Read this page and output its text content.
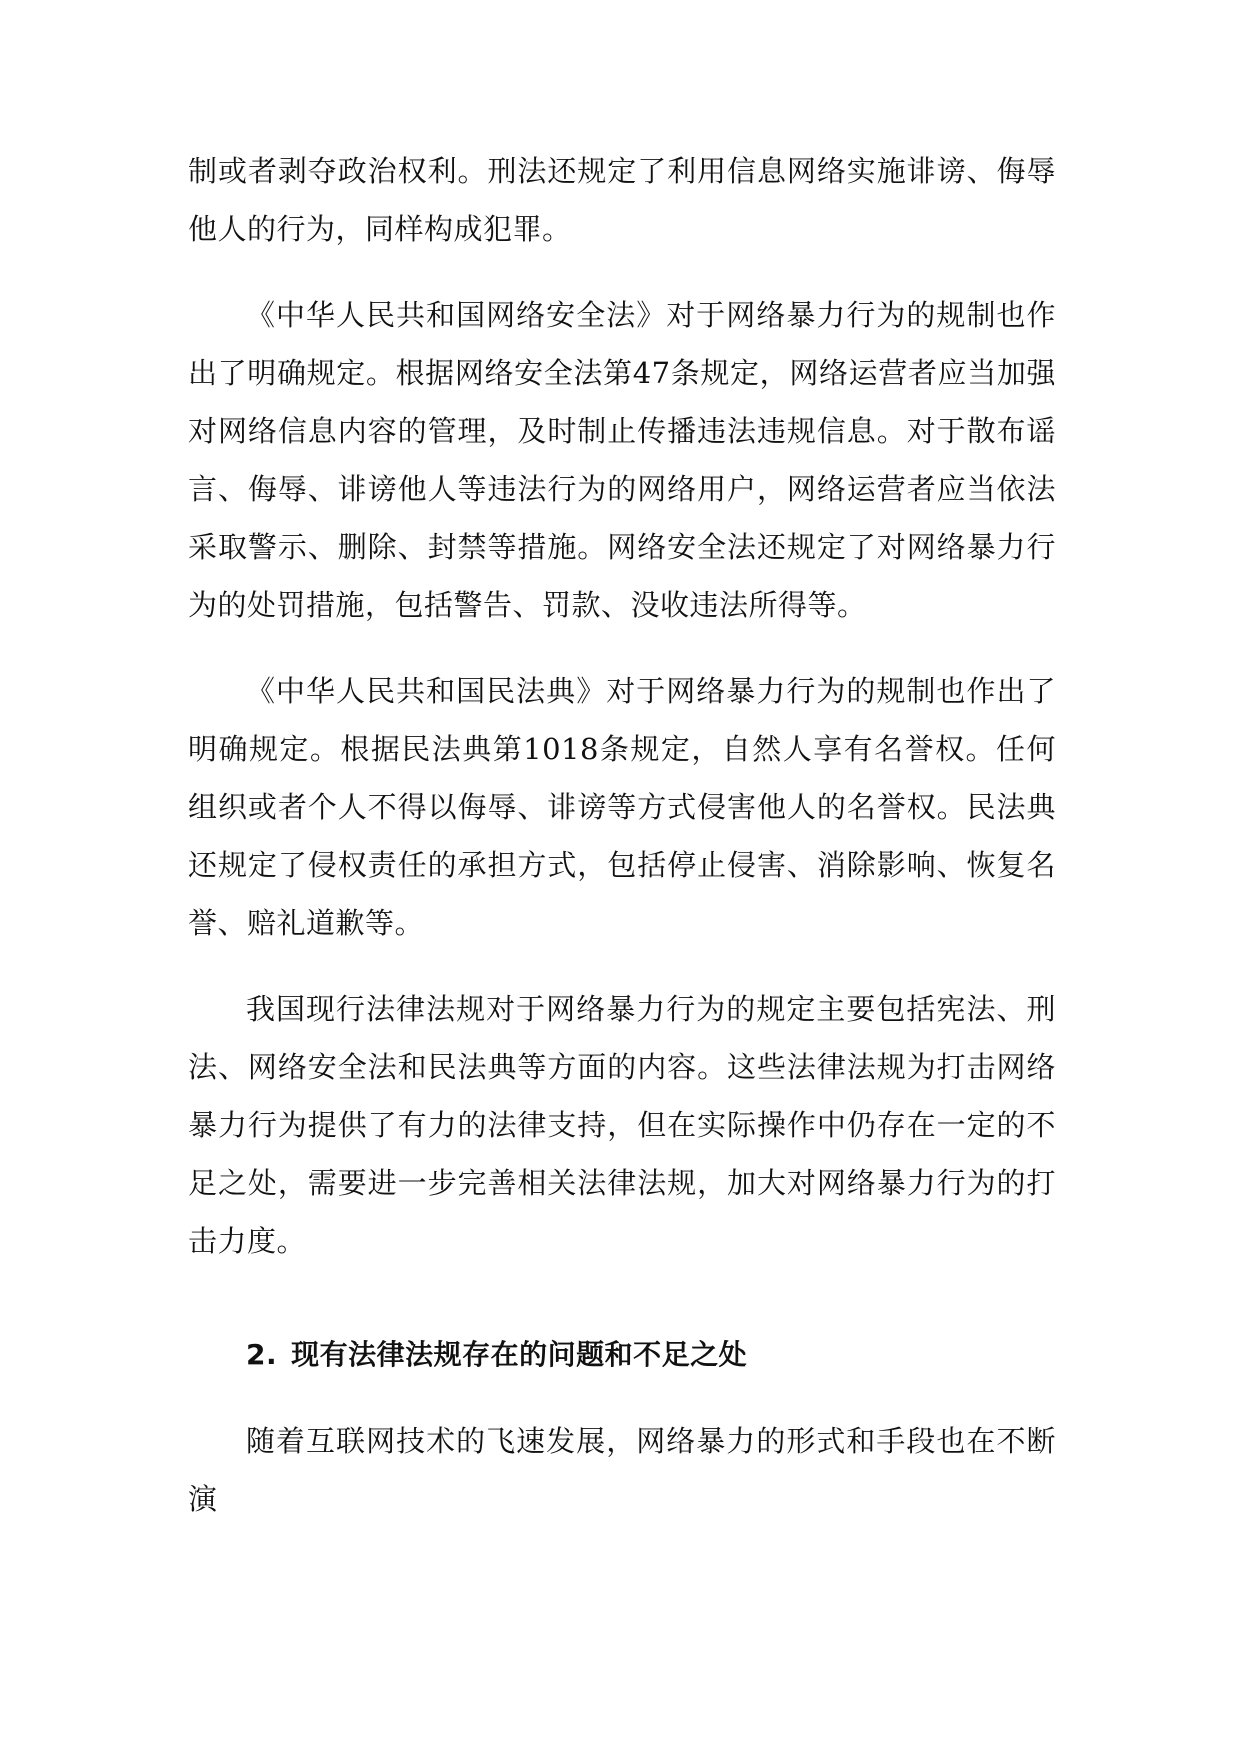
制或者剥夺政治权利。刑法还规定了利用信息网络实施诽谤、侮辱他人的行为，同样构成犯罪。

《中华人民共和国网络安全法》对于网络暴力行为的规制也作出了明确规定。根据网络安全法第47条规定，网络运营者应当加强对网络信息内容的管理，及时制止传播违法违规信息。对于散布谣言、侮辱、诽谤他人等违法行为的网络用户，网络运营者应当依法采取警示、删除、封禁等措施。网络安全法还规定了对网络暴力行为的处罚措施，包括警告、罚款、没收违法所得等。

《中华人民共和国民法典》对于网络暴力行为的规制也作出了明确规定。根据民法典第1018条规定，自然人享有名誉权。任何组织或者个人不得以侮辱、诽谤等方式侵害他人的名誉权。民法典还规定了侵权责任的承担方式，包括停止侵害、消除影响、恢复名誉、赔礼道歉等。

我国现行法律法规对于网络暴力行为的规定主要包括宪法、刑法、网络安全法和民法典等方面的内容。这些法律法规为打击网络暴力行为提供了有力的法律支持，但在实际操作中仍存在一定的不足之处，需要进一步完善相关法律法规，加大对网络暴力行为的打击力度。

2. 现有法律法规存在的问题和不足之处

随着互联网技术的飞速发展，网络暴力的形式和手段也在不断演
